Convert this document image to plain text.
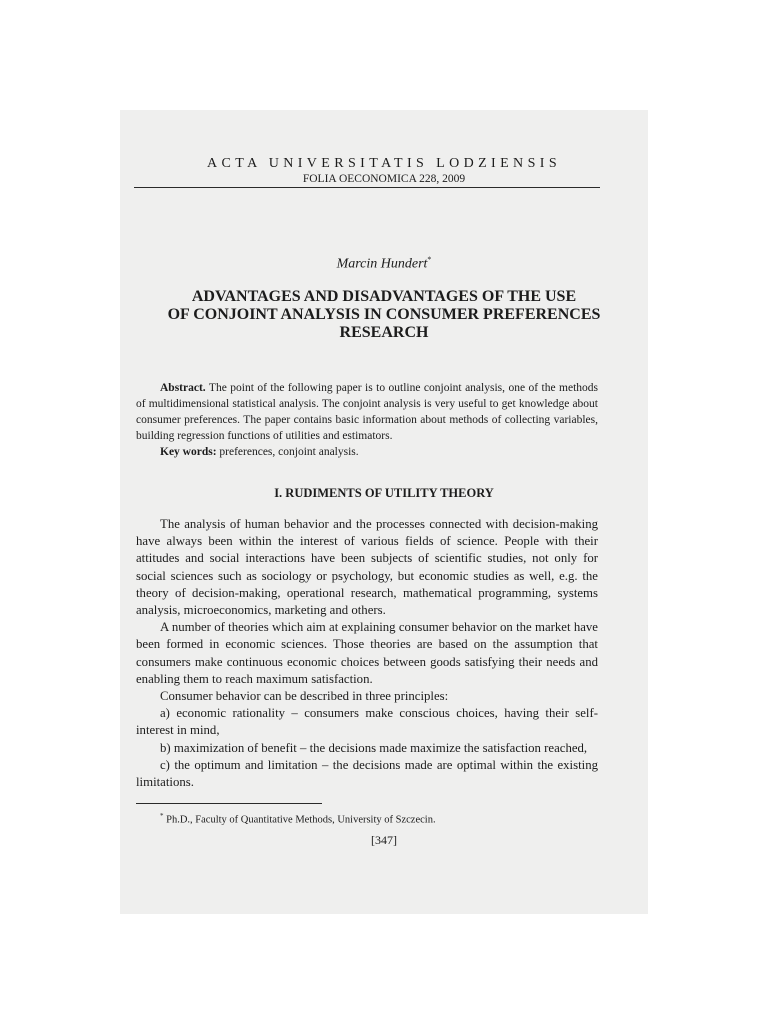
ACTA UNIVERSITATIS LODZIENSIS
FOLIA OECONOMICA 228, 2009
Marcin Hundert*
ADVANTAGES AND DISADVANTAGES OF THE USE
OF CONJOINT ANALYSIS IN CONSUMER PREFERENCES
RESEARCH

Abstract. The point of the following paper is to outline conjoint analysis, one of the methods of multidimensional statistical analysis. The conjoint analysis is very useful to get knowledge about consumer preferences. The paper contains basic information about methods of collecting variables, building regression functions of utilities and estimators.

Key words: preferences, conjoint analysis.

I. RUDIMENTS OF UTILITY THEORY

The analysis of human behavior and the processes connected with decision-making have always been within the interest of various fields of science. People with their attitudes and social interactions have been subjects of scientific studies, not only for social sciences such as sociology or psychology, but economic studies as well, e.g. the theory of decision-making, operational research, mathematical programming, systems analysis, microeconomics, marketing and others.

A number of theories which aim at explaining consumer behavior on the market have been formed in economic sciences. Those theories are based on the assumption that consumers make continuous economic choices between goods satisfying their needs and enabling them to reach maximum satisfaction.

Consumer behavior can be described in three principles:

a) economic rationality – consumers make conscious choices, having their self-interest in mind,

b) maximization of benefit – the decisions made maximize the satisfaction reached,

c) the optimum and limitation – the decisions made are optimal within the existing limitations.

* Ph.D., Faculty of Quantitative Methods, University of Szczecin.
[347]
